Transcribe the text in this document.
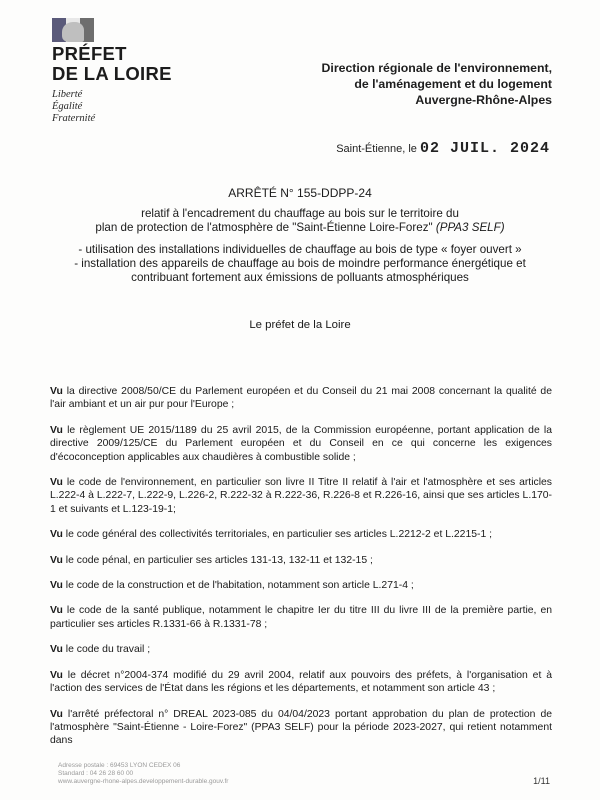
PRÉFET
DE LA LOIRE
Liberté
Égalité
Fraternité
Direction régionale de l'environnement,
de l'aménagement et du logement
Auvergne-Rhône-Alpes
Saint-Étienne, le 02 JUIL. 2024
ARRÊTÉ N° 155-DDPP-24
relatif à l'encadrement du chauffage au bois sur le territoire du
plan de protection de l'atmosphère de "Saint-Étienne Loire-Forez" (PPA3 SELF)
- utilisation des installations individuelles de chauffage au bois de type « foyer ouvert »
- installation des appareils de chauffage au bois de moindre performance énergétique et
contribuant fortement aux émissions de polluants atmosphériques
Le préfet de la Loire

Vu la directive 2008/50/CE du Parlement européen et du Conseil du 21 mai 2008 concernant la qualité de l'air ambiant et un air pur pour l'Europe ;

Vu le règlement UE 2015/1189 du 25 avril 2015, de la Commission européenne, portant application de la directive 2009/125/CE du Parlement européen et du Conseil en ce qui concerne les exigences d'écoconception applicables aux chaudières à combustible solide ;

Vu le code de l'environnement, en particulier son livre II Titre II relatif à l'air et l'atmosphère et ses articles L.222-4 à L.222-7, L.222-9, L.226-2, R.222-32 à R.222-36, R.226-8 et R.226-16, ainsi que ses articles L.170-1 et suivants et L.123-19-1;

Vu le code général des collectivités territoriales, en particulier ses articles L.2212-2 et L.2215-1 ;

Vu le code pénal, en particulier ses articles 131-13, 132-11 et 132-15 ;

Vu le code de la construction et de l'habitation, notamment son article L.271-4 ;

Vu le code de la santé publique, notamment le chapitre Ier du titre III du livre III de la première partie, en particulier ses articles R.1331-66 à R.1331-78 ;

Vu le code du travail ;

Vu le décret n°2004-374 modifié du 29 avril 2004, relatif aux pouvoirs des préfets, à l'organisation et à l'action des services de l'État dans les régions et les départements, et notamment son article 43 ;

Vu l'arrêté préfectoral n° DREAL 2023-085 du 04/04/2023 portant approbation du plan de protection de l'atmosphère "Saint-Étienne - Loire-Forez" (PPA3 SELF) pour la période 2023-2027, qui retient notamment dans

Adresse postale : 69453 LYON CEDEX 06
Standard : 04 26 28 60 00
www.auvergne-rhone-alpes.developpement-durable.gouv.fr	1/11
